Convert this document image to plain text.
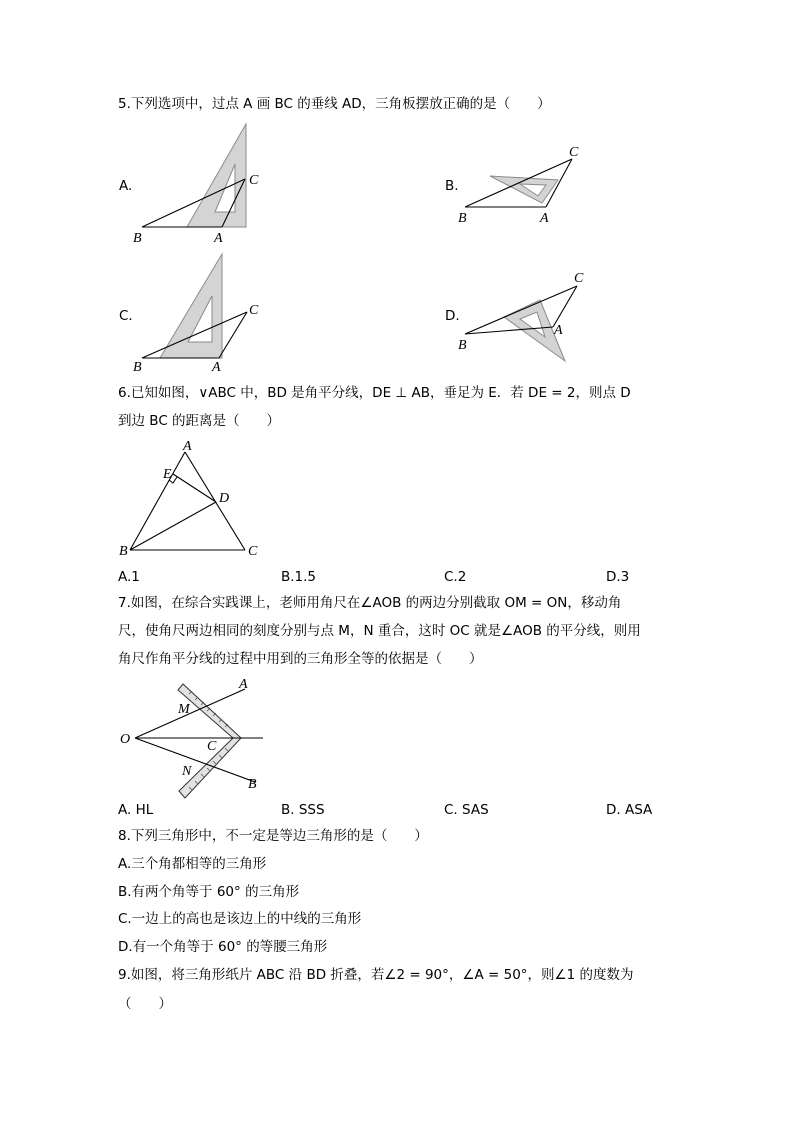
5.下列选项中，过点 A 画 BC 的垂线 AD，三角板摆放正确的是（　　）
A.
B	A
C	B.
B	A
C
C.
B	A
C	D.
B
A
C
6.已知如图，∨ABC 中，BD 是角平分线，DE ⊥ AB，垂足为 E．若 DE = 2，则点 D
到边 BC 的距离是（　　）
A
E
D
B	C
A.1	B.1.5	C.2	D.3
7.如图，在综合实践课上，老师用角尺在∠AOB 的两边分别截取 OM = ON，移动角
尺，使角尺两边相同的刻度分别与点 M，N 重合，这时 OC 就是∠AOB 的平分线，则用
角尺作角平分线的过程中用到的三角形全等的依据是（　　）
O
A
M
C
N
B
A. HL	B. SSS	C. SAS	D. ASA
8.下列三角形中，不一定是等边三角形的是（　　）
A.三个角都相等的三角形
B.有两个角等于 60° 的三角形
C.一边上的高也是该边上的中线的三角形
D.有一个角等于 60° 的等腰三角形
9.如图，将三角形纸片 ABC 沿 BD 折叠，若∠2 = 90°，∠A = 50°，则∠1 的度数为
（　　）
